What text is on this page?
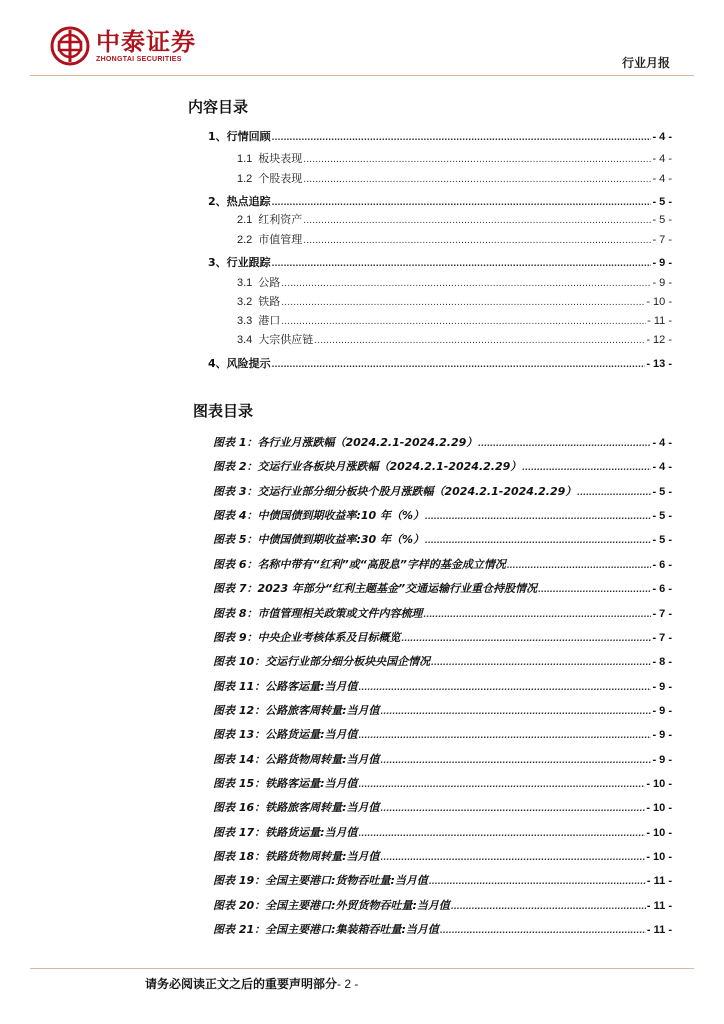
中泰证券
ZHONGTAI SECURITIES	行业月报
内容目录
1、行情回顾 .....	- 4 -
1.1 板块表现 .....	- 4 -
1.2 个股表现 .....	- 4 -
2、热点追踪 .....	- 5 -
2.1 红利资产 .....	- 5 -
2.2 市值管理 .....	- 7 -
3、行业跟踪 .....	- 9 -
3.1 公路 .....	- 9 -
3.2 铁路 .....	- 10 -
3.3 港口 .....	- 11 -
3.4 大宗供应链 .....	- 12 -
4、风险提示 .....	- 13 -
图表目录
图表 1：各行业月涨跌幅（2024.2.1-2024.2.29） .....	- 4 -
图表 2：交运行业各板块月涨跌幅（2024.2.1-2024.2.29） .....	- 4 -
图表 3：交运行业部分细分板块个股月涨跌幅（2024.2.1-2024.2.29） .....	- 5 -
图表 4：中债国债到期收益率:10 年（%） .....	- 5 -
图表 5：中债国债到期收益率:30 年（%） .....	- 5 -
图表 6：名称中带有“红利”或“高股息”字样的基金成立情况 .....	- 6 -
图表 7：2023 年部分“红利主题基金”交通运输行业重仓持股情况 .....	- 6 -
图表 8：市值管理相关政策或文件内容梳理 .....	- 7 -
图表 9：中央企业考核体系及目标概览 .....	- 7 -
图表 10：交运行业部分细分板块央国企情况 .....	- 8 -
图表 11：公路客运量:当月值 .....	- 9 -
图表 12：公路旅客周转量:当月值 .....	- 9 -
图表 13：公路货运量:当月值 .....	- 9 -
图表 14：公路货物周转量:当月值 .....	- 9 -
图表 15：铁路客运量:当月值 .....	- 10 -
图表 16：铁路旅客周转量:当月值 .....	- 10 -
图表 17：铁路货运量:当月值 .....	- 10 -
图表 18：铁路货物周转量:当月值 .....	- 10 -
图表 19：全国主要港口:货物吞吐量:当月值 .....	- 11 -
图表 20：全国主要港口:外贸货物吞吐量:当月值 .....	- 11 -
图表 21：全国主要港口:集装箱吞吐量:当月值 .....	- 11 -
请务必阅读正文之后的重要声明部分- 2 -
